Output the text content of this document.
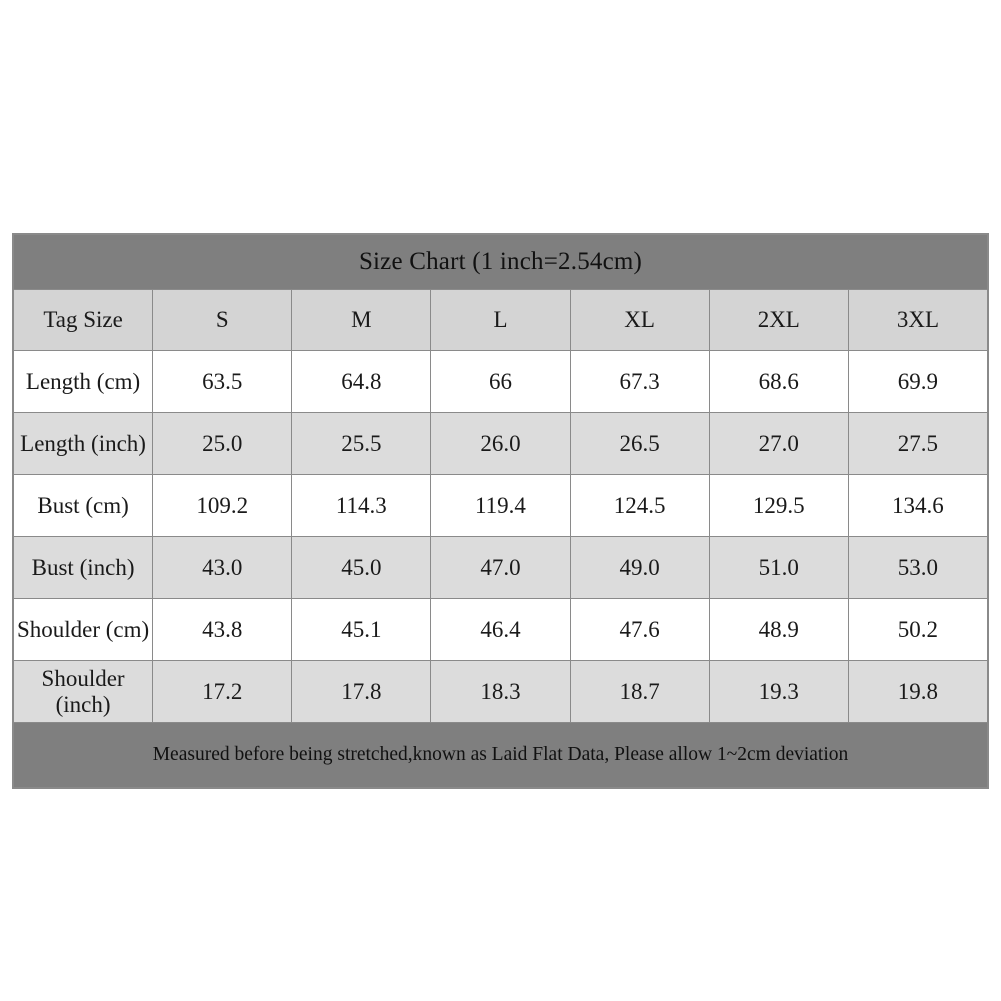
Size Chart (1 inch=2.54cm)						
Tag Size	S	M	L	XL	2XL	3XL
Length (cm)	63.5	64.8	66	67.3	68.6	69.9
Length (inch)	25.0	25.5	26.0	26.5	27.0	27.5
Bust (cm)	109.2	114.3	119.4	124.5	129.5	134.6
Bust (inch)	43.0	45.0	47.0	49.0	51.0	53.0
Shoulder (cm)	43.8	45.1	46.4	47.6	48.9	50.2
Shoulder (inch)	17.2	17.8	18.3	18.7	19.3	19.8
Measured before being stretched,known as Laid Flat Data, Please allow 1~2cm deviation						
